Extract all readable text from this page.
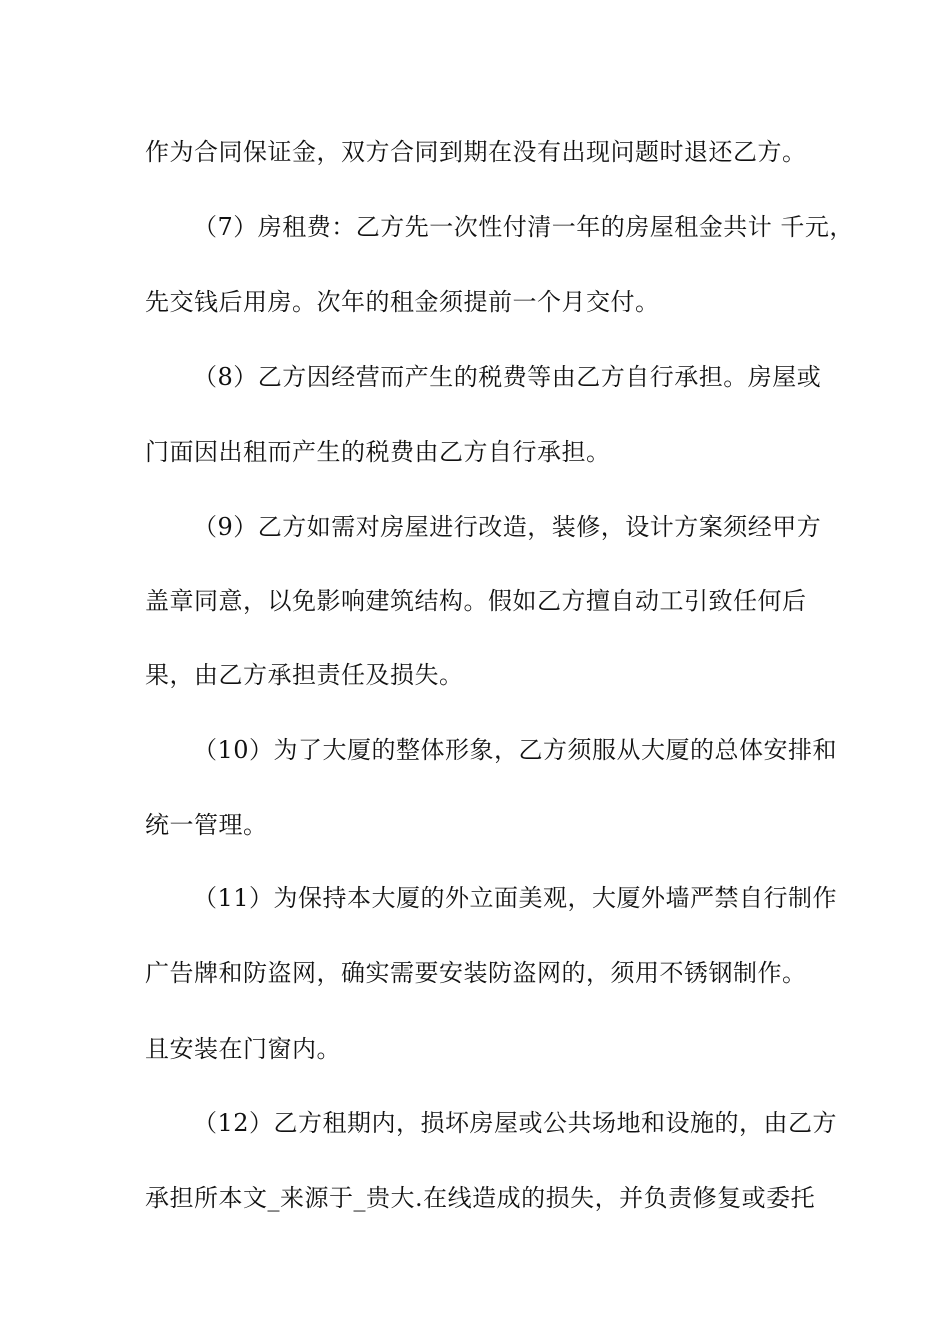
作为合同保证金，双方合同到期在没有出现问题时退还乙方。
（7）房租费：乙方先一次性付清一年的房屋租金共计 千元，
先交钱后用房。次年的租金须提前一个月交付。
（8）乙方因经营而产生的税费等由乙方自行承担。房屋或
门面因出租而产生的税费由乙方自行承担。
（9）乙方如需对房屋进行改造，装修，设计方案须经甲方
盖章同意，以免影响建筑结构。假如乙方擅自动工引致任何后
果，由乙方承担责任及损失。
（10）为了大厦的整体形象，乙方须服从大厦的总体安排和
统一管理。
（11）为保持本大厦的外立面美观，大厦外墙严禁自行制作
广告牌和防盗网，确实需要安装防盗网的，须用不锈钢制作。
且安装在门窗内。
（12）乙方租期内，损坏房屋或公共场地和设施的，由乙方
承担所本文_来源于_贵大.在线造成的损失，并负责修复或委托
